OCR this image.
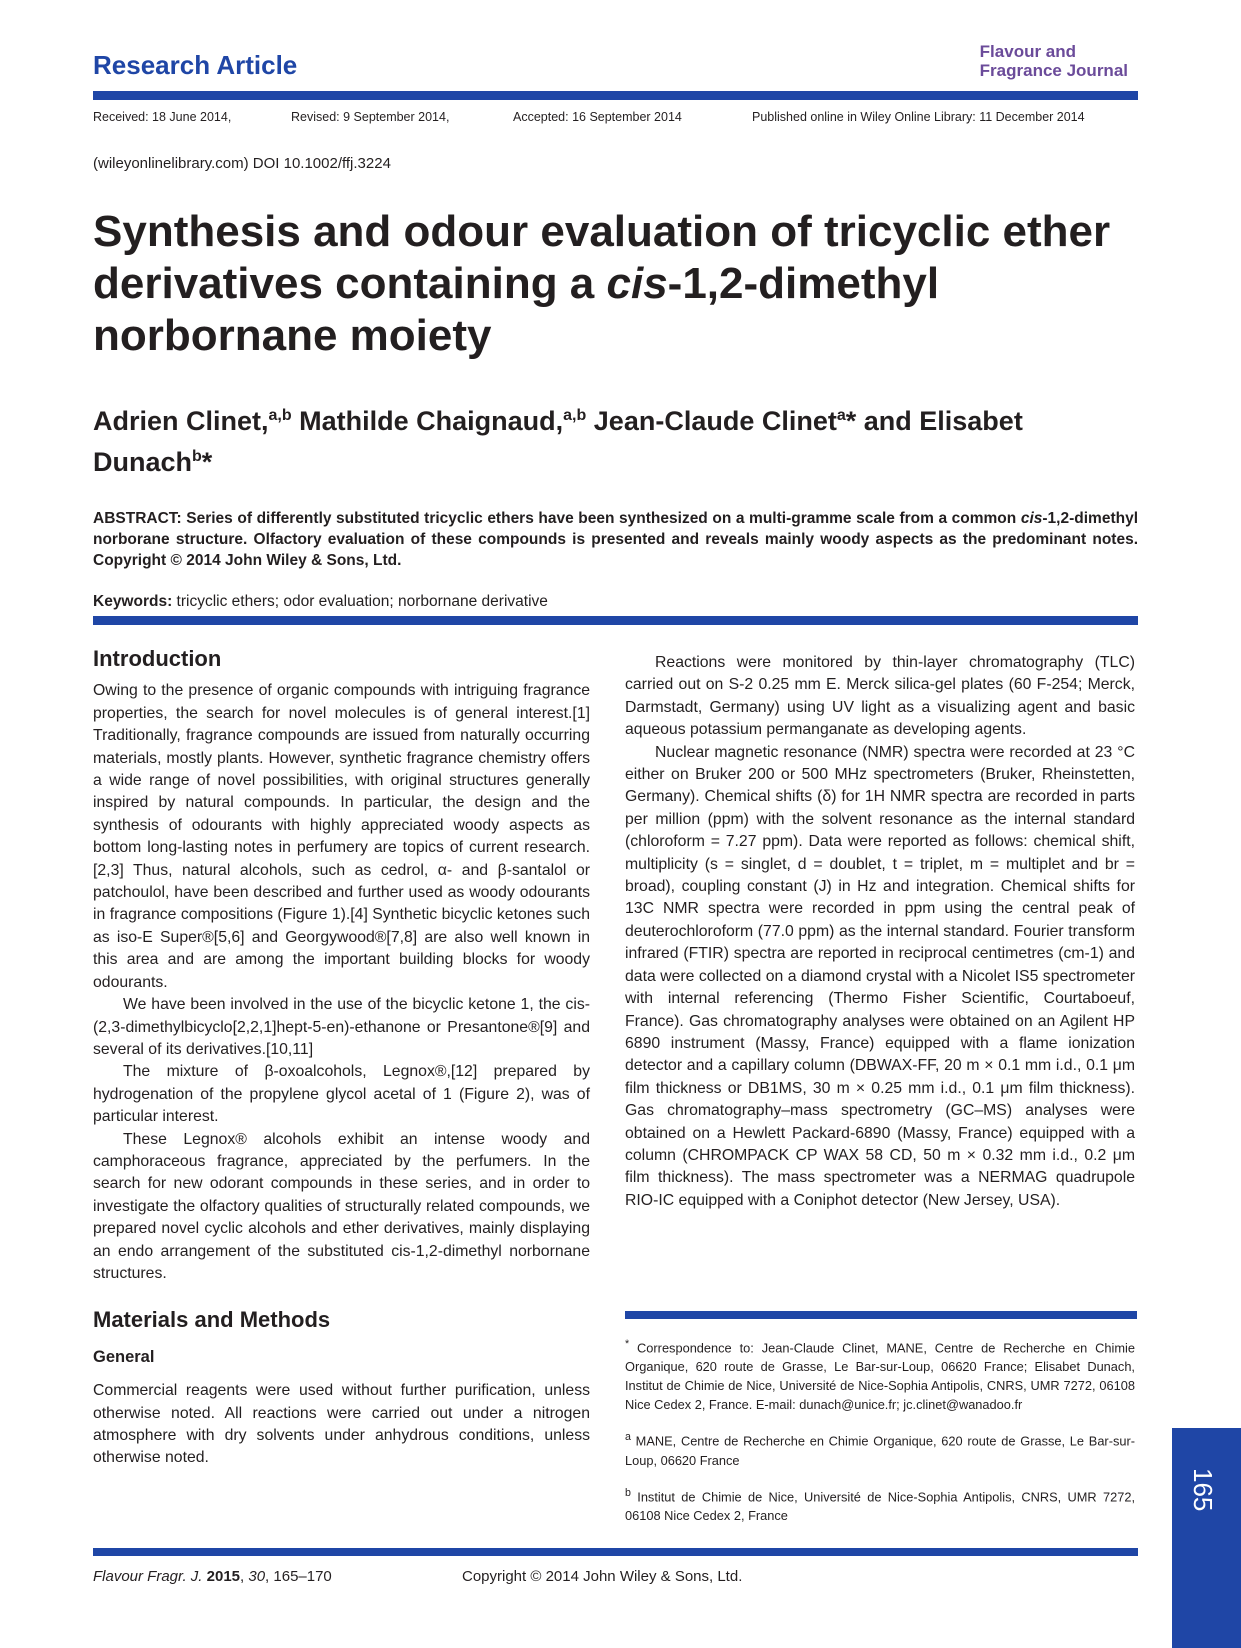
Research Article	Flavour and
Fragrance Journal
Received: 18 June 2014,	Revised: 9 September 2014,	Accepted: 16 September 2014	Published online in Wiley Online Library: 11 December 2014
(wileyonlinelibrary.com) DOI 10.1002/ffj.3224
Synthesis and odour evaluation of tricyclic ether derivatives containing a cis-1,2-dimethyl norbornane moiety
Adrien Clinet,$^{a,b}$ Mathilde Chaignaud,$^{a,b}$ Jean-Claude Clinet$^a$* and Elisabet Dunach$^b$*
ABSTRACT: Series of differently substituted tricyclic ethers have been synthesized on a multi-gramme scale from a common cis-1,2-dimethyl norborane structure. Olfactory evaluation of these compounds is presented and reveals mainly woody aspects as the predominant notes. Copyright © 2014 John Wiley & Sons, Ltd.
Keywords: tricyclic ethers; odor evaluation; norbornane derivative

Introduction

Owing to the presence of organic compounds with intriguing fragrance properties, the search for novel molecules is of general interest.[1] Traditionally, fragrance compounds are issued from naturally occurring materials, mostly plants. However, synthetic fragrance chemistry offers a wide range of novel possibilities, with original structures generally inspired by natural compounds. In particular, the design and the synthesis of odourants with highly appreciated woody aspects as bottom long-lasting notes in perfumery are topics of current research.[2,3] Thus, natural alcohols, such as cedrol, α- and β-santalol or patchoulol, have been described and further used as woody odourants in fragrance compositions (Figure 1).[4] Synthetic bicyclic ketones such as iso-E Super®[5,6] and Georgywood®[7,8] are also well known in this area and are among the important building blocks for woody odourants.

We have been involved in the use of the bicyclic ketone 1, the cis-(2,3-dimethylbicyclo[2,2,1]hept-5-en)-ethanone or Presantone®[9] and several of its derivatives.[10,11]

The mixture of β-oxoalcohols, Legnox®,[12] prepared by hydrogenation of the propylene glycol acetal of 1 (Figure 2), was of particular interest.

These Legnox® alcohols exhibit an intense woody and camphoraceous fragrance, appreciated by the perfumers. In the search for new odorant compounds in these series, and in order to investigate the olfactory qualities of structurally related compounds, we prepared novel cyclic alcohols and ether derivatives, mainly displaying an endo arrangement of the substituted cis-1,2-dimethyl norbornane structures.

Materials and Methods

General

Commercial reagents were used without further purification, unless otherwise noted. All reactions were carried out under a nitrogen atmosphere with dry solvents under anhydrous conditions, unless otherwise noted.

Reactions were monitored by thin-layer chromatography (TLC) carried out on S-2 0.25 mm E. Merck silica-gel plates (60 F-254; Merck, Darmstadt, Germany) using UV light as a visualizing agent and basic aqueous potassium permanganate as developing agents.

Nuclear magnetic resonance (NMR) spectra were recorded at 23 °C either on Bruker 200 or 500 MHz spectrometers (Bruker, Rheinstetten, Germany). Chemical shifts (δ) for 1H NMR spectra are recorded in parts per million (ppm) with the solvent resonance as the internal standard (chloroform = 7.27 ppm). Data were reported as follows: chemical shift, multiplicity (s = singlet, d = doublet, t = triplet, m = multiplet and br = broad), coupling constant (J) in Hz and integration. Chemical shifts for 13C NMR spectra were recorded in ppm using the central peak of deuterochloroform (77.0 ppm) as the internal standard. Fourier transform infrared (FTIR) spectra are reported in reciprocal centimetres (cm-1) and data were collected on a diamond crystal with a Nicolet IS5 spectrometer with internal referencing (Thermo Fisher Scientific, Courtaboeuf, France). Gas chromatography analyses were obtained on an Agilent HP 6890 instrument (Massy, France) equipped with a flame ionization detector and a capillary column (DBWAX-FF, 20 m × 0.1 mm i.d., 0.1 μm film thickness or DB1MS, 30 m × 0.25 mm i.d., 0.1 μm film thickness). Gas chromatography–mass spectrometry (GC–MS) analyses were obtained on a Hewlett Packard-6890 (Massy, France) equipped with a column (CHROMPACK CP WAX 58 CD, 50 m × 0.32 mm i.d., 0.2 μm film thickness). The mass spectrometer was a NERMAG quadrupole RIO-IC equipped with a Coniphot detector (New Jersey, USA).

* Correspondence to: Jean-Claude Clinet, MANE, Centre de Recherche en Chimie Organique, 620 route de Grasse, Le Bar-sur-Loup, 06620 France; Elisabet Dunach, Institut de Chimie de Nice, Université de Nice-Sophia Antipolis, CNRS, UMR 7272, 06108 Nice Cedex 2, France. E-mail: dunach@unice.fr; jc.clinet@wanadoo.fr

$^a$ MANE, Centre de Recherche en Chimie Organique, 620 route de Grasse, Le Bar-sur-Loup, 06620 France

$^b$ Institut de Chimie de Nice, Université de Nice-Sophia Antipolis, CNRS, UMR 7272, 06108 Nice Cedex 2, France

Flavour Fragr. J. 2015, 30, 165–170	Copyright © 2014 John Wiley & Sons, Ltd.
165
